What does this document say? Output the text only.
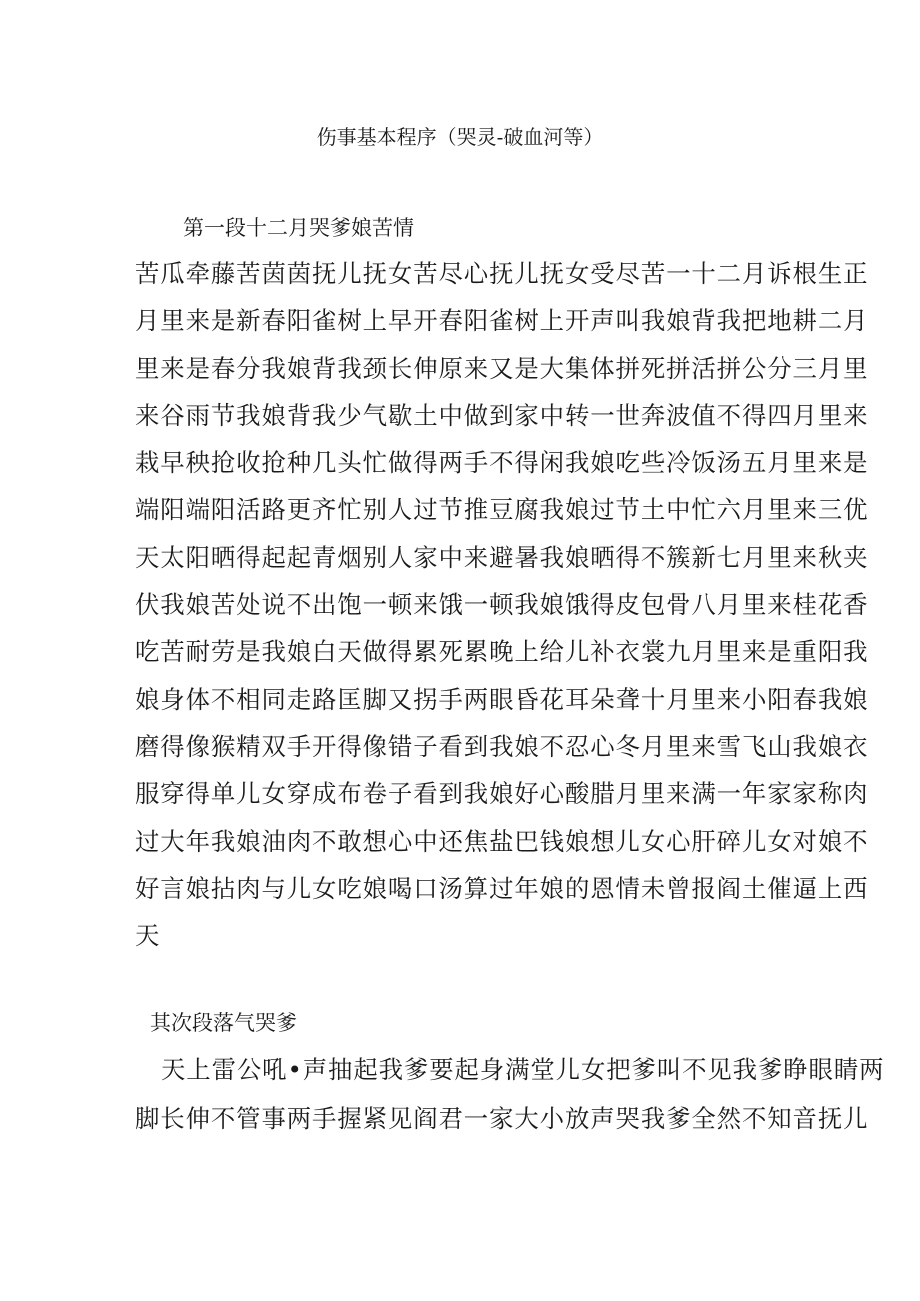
伤事基本程序（哭灵-破血河等）
第一段十二月哭爹娘苦情
苦瓜牵藤苦茵茵抚儿抚女苦尽心抚儿抚女受尽苦一十二月诉根生正
月里来是新春阳雀树上早开春阳雀树上开声叫我娘背我把地耕二月
里来是春分我娘背我颈长伸原来又是大集体拼死拼活拼公分三月里
来谷雨节我娘背我少气歇土中做到家中转一世奔波值不得四月里来
栽早秧抢收抢种几头忙做得两手不得闲我娘吃些冷饭汤五月里来是
端阳端阳活路更齐忙别人过节推豆腐我娘过节土中忙六月里来三优
天太阳晒得起起青烟别人家中来避暑我娘晒得不簇新七月里来秋夹
伏我娘苦处说不出饱一顿来饿一顿我娘饿得皮包骨八月里来桂花香
吃苦耐劳是我娘白天做得累死累晚上给儿补衣裳九月里来是重阳我
娘身体不相同走路匡脚又拐手两眼昏花耳朵聋十月里来小阳春我娘
磨得像猴精双手开得像错子看到我娘不忍心冬月里来雪飞山我娘衣
服穿得单儿女穿成布卷子看到我娘好心酸腊月里来满一年家家称肉
过大年我娘油肉不敢想心中还焦盐巴钱娘想儿女心肝碎儿女对娘不
好言娘拈肉与儿女吃娘喝口汤算过年娘的恩情未曾报阎土催逼上西
天
其次段落气哭爹
天上雷公吼•声抽起我爹要起身满堂儿女把爹叫不见我爹睁眼睛两
脚长伸不管事两手握紧见阎君一家大小放声哭我爹全然不知音抚儿
